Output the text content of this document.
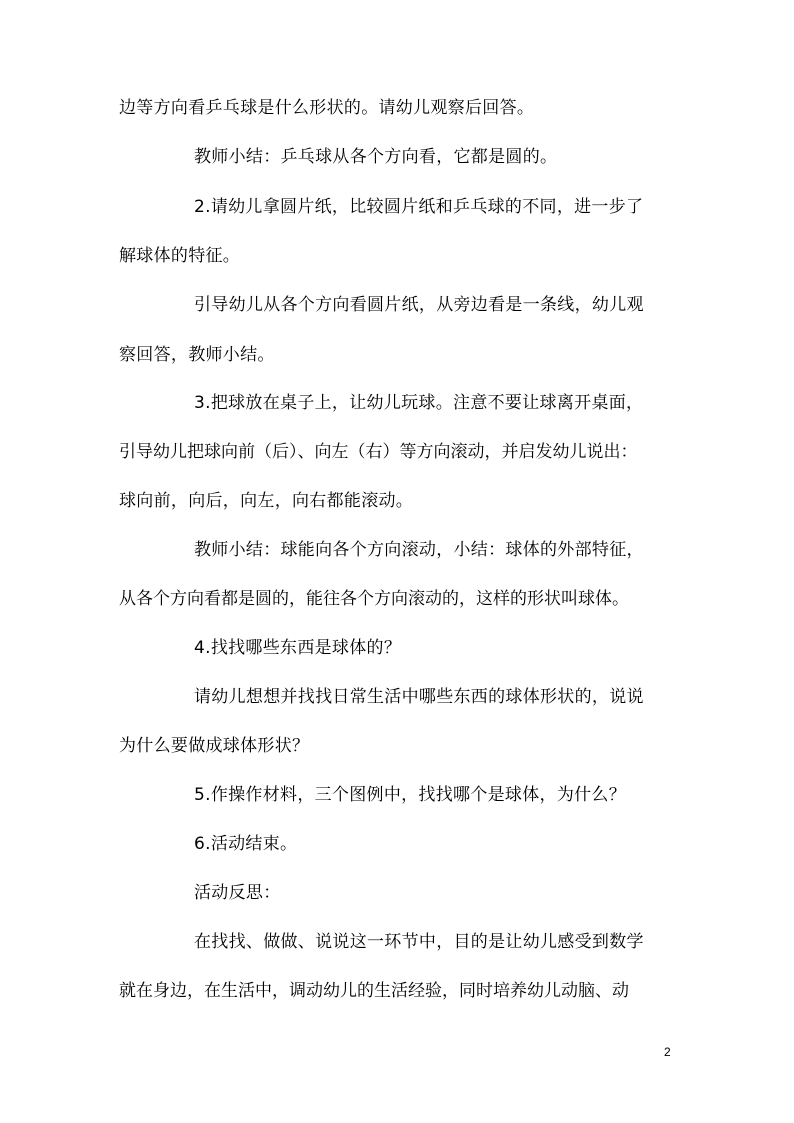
边等方向看乒乓球是什么形状的。请幼儿观察后回答。
教师小结：乒乓球从各个方向看，它都是圆的。
2.请幼儿拿圆片纸，比较圆片纸和乒乓球的不同，进一步了
解球体的特征。
引导幼儿从各个方向看圆片纸，从旁边看是一条线，幼儿观
察回答，教师小结。
3.把球放在桌子上，让幼儿玩球。注意不要让球离开桌面，
引导幼儿把球向前（后）、向左（右）等方向滚动，并启发幼儿说出：
球向前，向后，向左，向右都能滚动。
教师小结：球能向各个方向滚动，小结：球体的外部特征，
从各个方向看都是圆的，能往各个方向滚动的，这样的形状叫球体。
4.找找哪些东西是球体的？
请幼儿想想并找找日常生活中哪些东西的球体形状的，说说
为什么要做成球体形状？
5.作操作材料，三个图例中，找找哪个是球体，为什么？
6.活动结束。
活动反思：
在找找、做做、说说这一环节中，目的是让幼儿感受到数学
就在身边，在生活中，调动幼儿的生活经验，同时培养幼儿动脑、动
2
